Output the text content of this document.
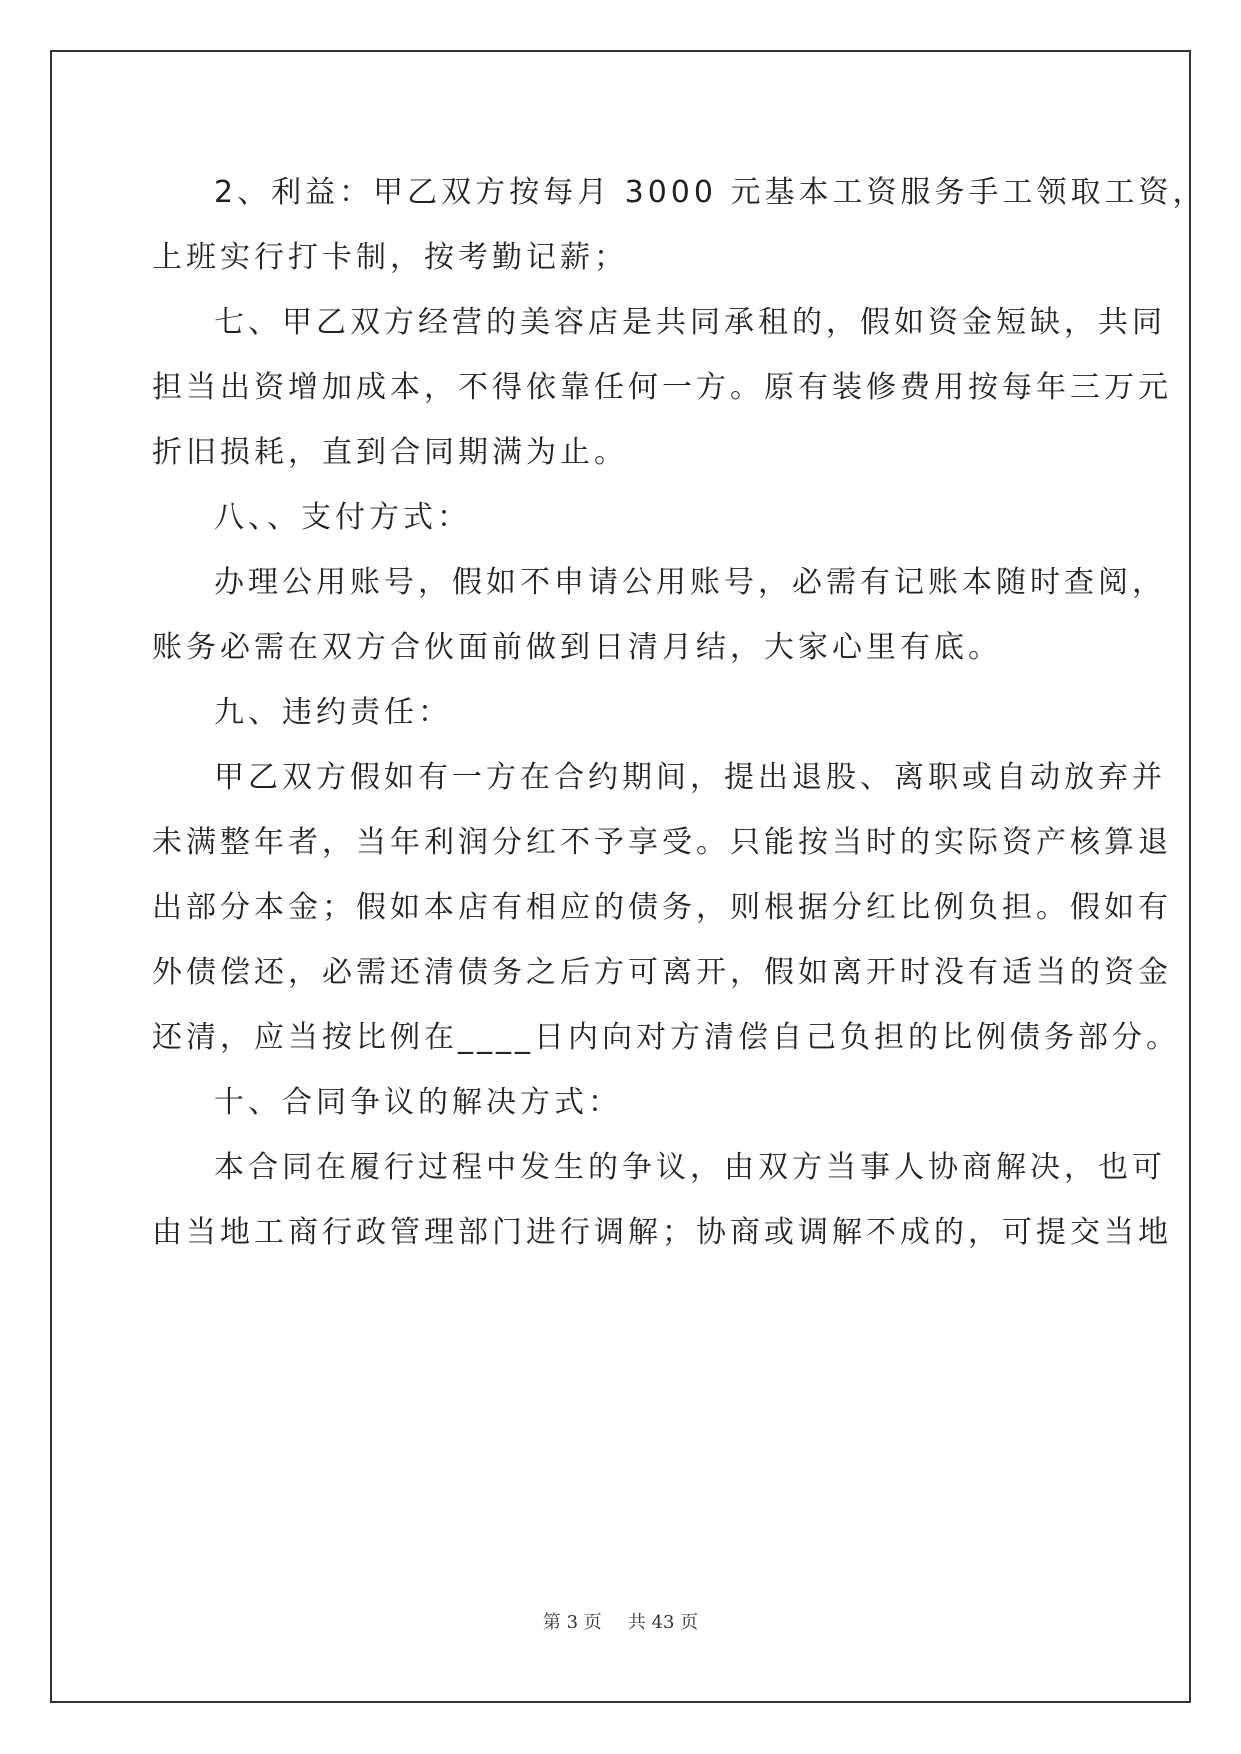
2、利益：甲乙双方按每月 3000 元基本工资服务手工领取工资，
上班实行打卡制，按考勤记薪；
七、甲乙双方经营的美容店是共同承租的，假如资金短缺，共同
担当出资增加成本，不得依靠任何一方。原有装修费用按每年三万元
折旧损耗，直到合同期满为止。
八、、支付方式：
办理公用账号，假如不申请公用账号，必需有记账本随时查阅，
账务必需在双方合伙面前做到日清月结，大家心里有底。
九、违约责任：
甲乙双方假如有一方在合约期间，提出退股、离职或自动放弃并
未满整年者，当年利润分红不予享受。只能按当时的实际资产核算退
出部分本金；假如本店有相应的债务，则根据分红比例负担。假如有
外债偿还，必需还清债务之后方可离开，假如离开时没有适当的资金
还清，应当按比例在____日内向对方清偿自己负担的比例债务部分。
十、合同争议的解决方式：
本合同在履行过程中发生的争议，由双方当事人协商解决，也可
由当地工商行政管理部门进行调解；协商或调解不成的，可提交当地
第 3 页 共 43 页
